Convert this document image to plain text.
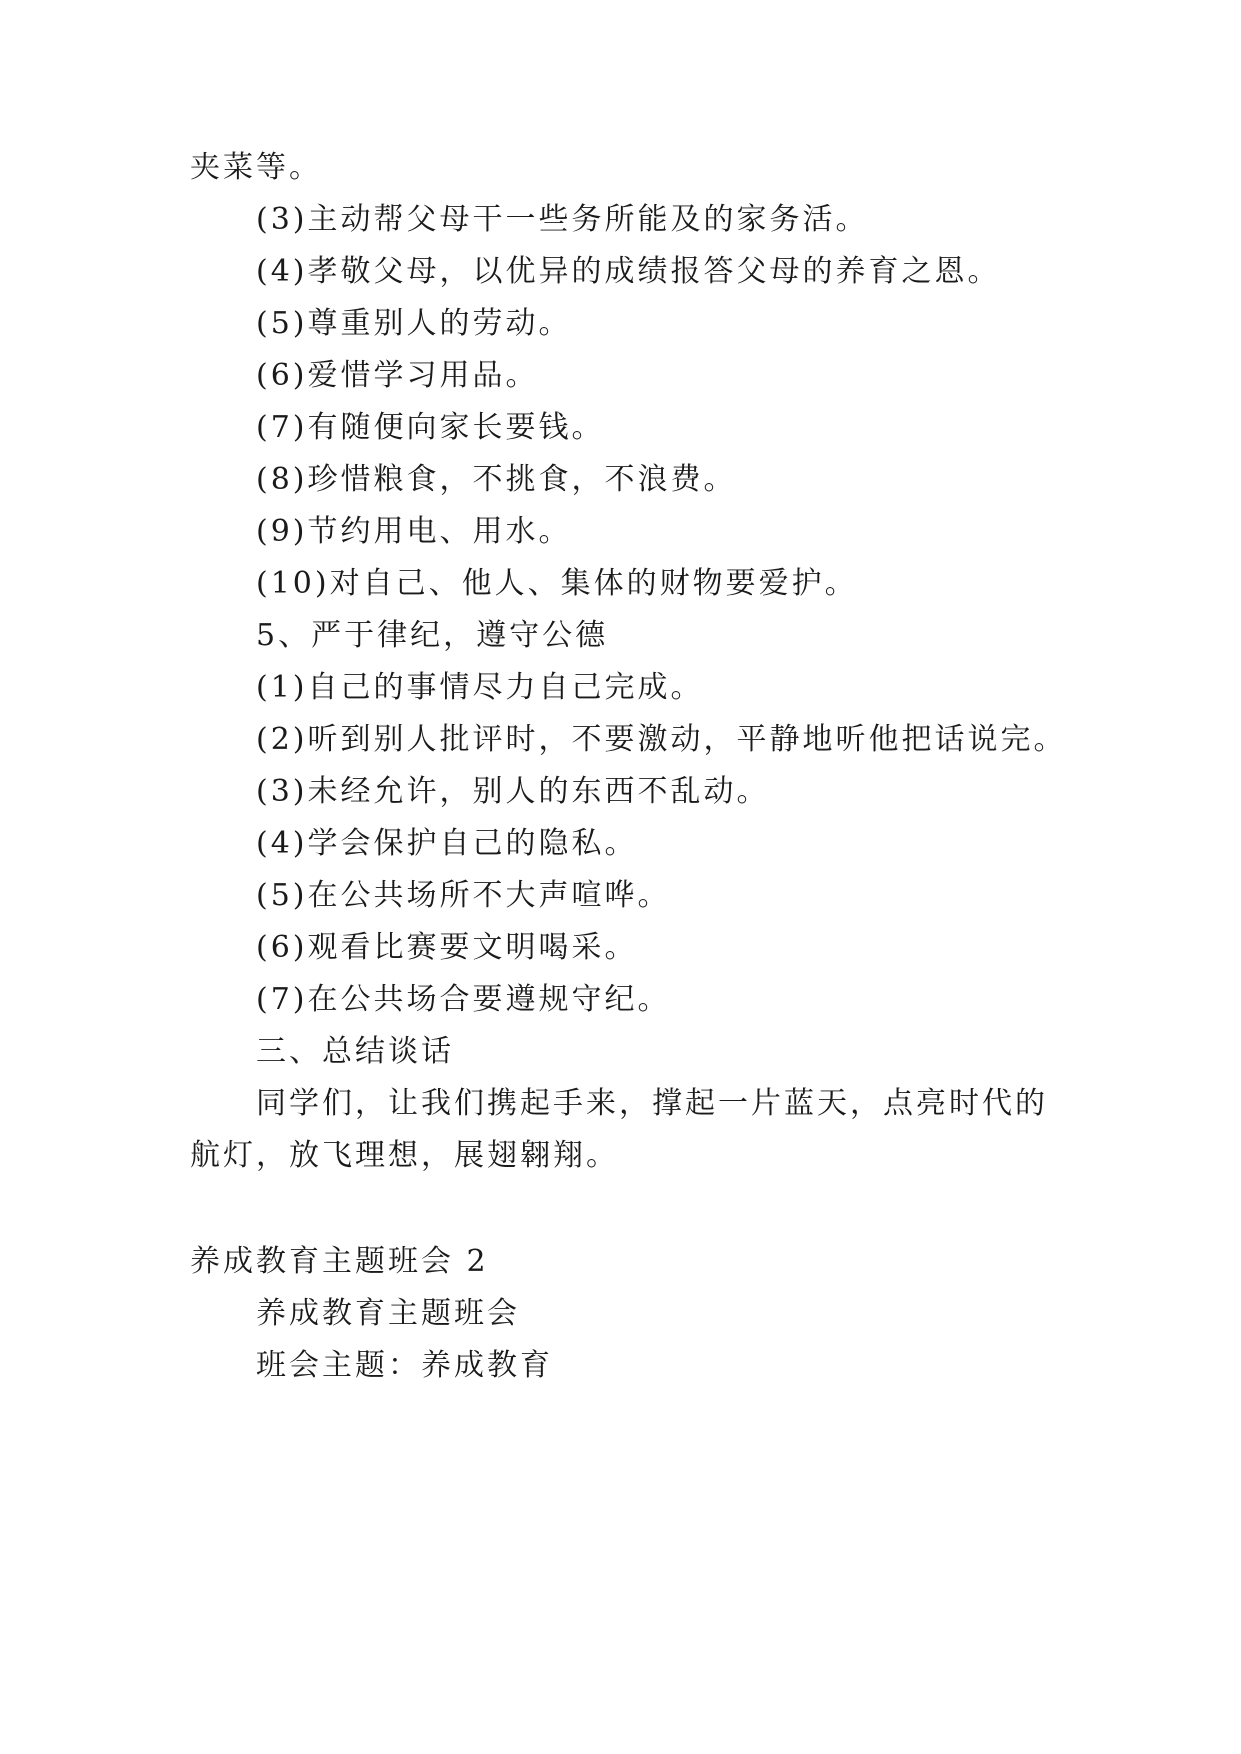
夹菜等。
(3)主动帮父母干一些务所能及的家务活。
(4)孝敬父母，以优异的成绩报答父母的养育之恩。
(5)尊重别人的劳动。
(6)爱惜学习用品。
(7)有随便向家长要钱。
(8)珍惜粮食，不挑食，不浪费。
(9)节约用电、用水。
(10)对自己、他人、集体的财物要爱护。
5、严于律纪，遵守公德
(1)自己的事情尽力自己完成。
(2)听到别人批评时，不要激动，平静地听他把话说完。
(3)未经允许，别人的东西不乱动。
(4)学会保护自己的隐私。
(5)在公共场所不大声喧哗。
(6)观看比赛要文明喝采。
(7)在公共场合要遵规守纪。
三、总结谈话
同学们，让我们携起手来，撑起一片蓝天，点亮时代的
航灯，放飞理想，展翅翱翔。
养成教育主题班会 2
养成教育主题班会
班会主题：养成教育
